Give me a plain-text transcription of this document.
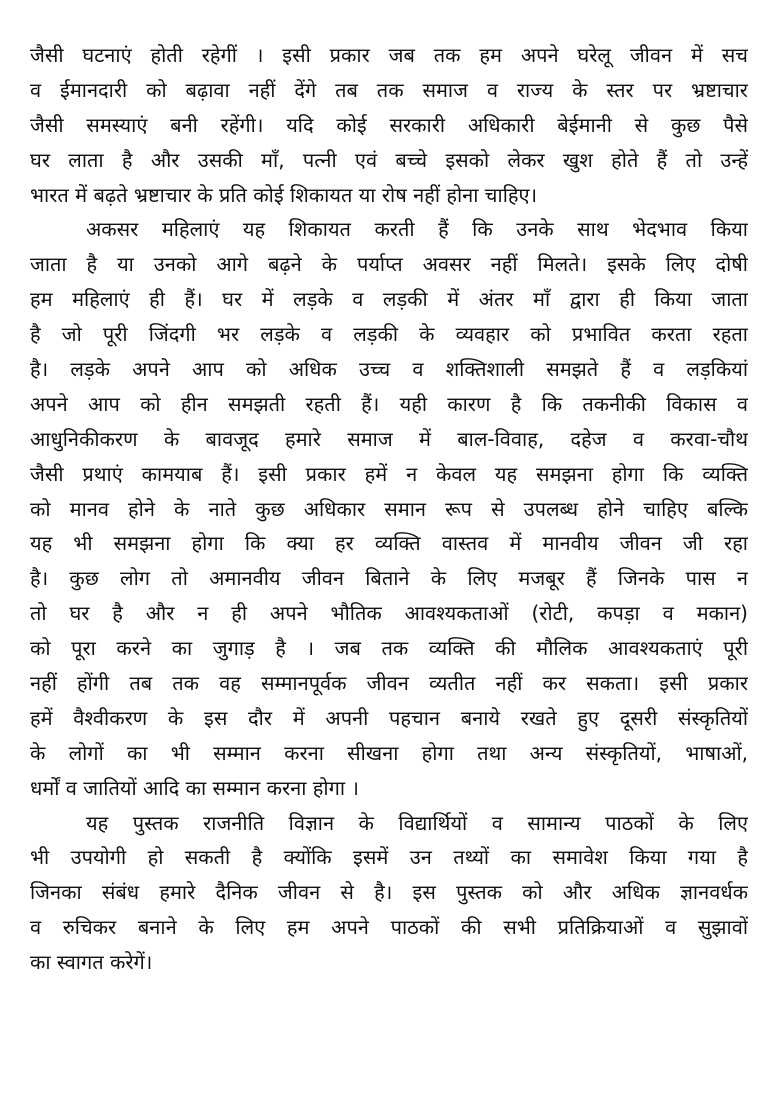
जैसी घटनाएं होती रहेगीं । इसी प्रकार जब तक हम अपने घरेलू जीवन में सच
व ईमानदारी को बढ़ावा नहीं देंगे तब तक समाज व राज्य के स्तर पर भ्रष्टाचार
जैसी समस्याएं बनी रहेंगी। यदि कोई सरकारी अधिकारी बेईमानी से कुछ पैसे
घर लाता है और उसकी माँ, पत्नी एवं बच्चे इसको लेकर खुश होते हैं तो उन्हें
भारत में बढ़ते भ्रष्टाचार के प्रति कोई शिकायत या रोष नहीं होना चाहिए।
अकसर महिलाएं यह शिकायत करती हैं कि उनके साथ भेदभाव किया
जाता है या उनको आगे बढ़ने के पर्याप्त अवसर नहीं मिलते। इसके लिए दोषी
हम महिलाएं ही हैं। घर में लड़के व लड़की में अंतर माँ द्वारा ही किया जाता
है जो पूरी जिंदगी भर लड़के व लड़की के व्यवहार को प्रभावित करता रहता
है। लड़के अपने आप को अधिक उच्च व शक्तिशाली समझते हैं व लड़कियां
अपने आप को हीन समझती रहती हैं। यही कारण है कि तकनीकी विकास व
आधुनिकीकरण के बावजूद हमारे समाज में बाल-विवाह, दहेज व करवा-चौथ
जैसी प्रथाएं कामयाब हैं। इसी प्रकार हमें न केवल यह समझना होगा कि व्यक्ति
को मानव होने के नाते कुछ अधिकार समान रूप से उपलब्ध होने चाहिए बल्कि
यह भी समझना होगा कि क्या हर व्यक्ति वास्तव में मानवीय जीवन जी रहा
है। कुछ लोग तो अमानवीय जीवन बिताने के लिए मजबूर हैं जिनके पास न
तो घर है और न ही अपने भौतिक आवश्यकताओं (रोटी, कपड़ा व मकान)
को पूरा करने का जुगाड़ है । जब तक व्यक्ति की मौलिक आवश्यकताएं पूरी
नहीं होंगी तब तक वह सम्मानपूर्वक जीवन व्यतीत नहीं कर सकता। इसी प्रकार
हमें वैश्वीकरण के इस दौर में अपनी पहचान बनाये रखते हुए दूसरी संस्कृतियों
के लोगों का भी सम्मान करना सीखना होगा तथा अन्य संस्कृतियों, भाषाओं,
धर्मों व जातियों आदि का सम्मान करना होगा ।
यह पुस्तक राजनीति विज्ञान के विद्यार्थियों व सामान्य पाठकों के लिए
भी उपयोगी हो सकती है क्योंकि इसमें उन तथ्यों का समावेश किया गया है
जिनका संबंध हमारे दैनिक जीवन से है। इस पुस्तक को और अधिक ज्ञानवर्धक
व रुचिकर बनाने के लिए हम अपने पाठकों की सभी प्रतिक्रियाओं व सुझावों
का स्वागत करेगें।
